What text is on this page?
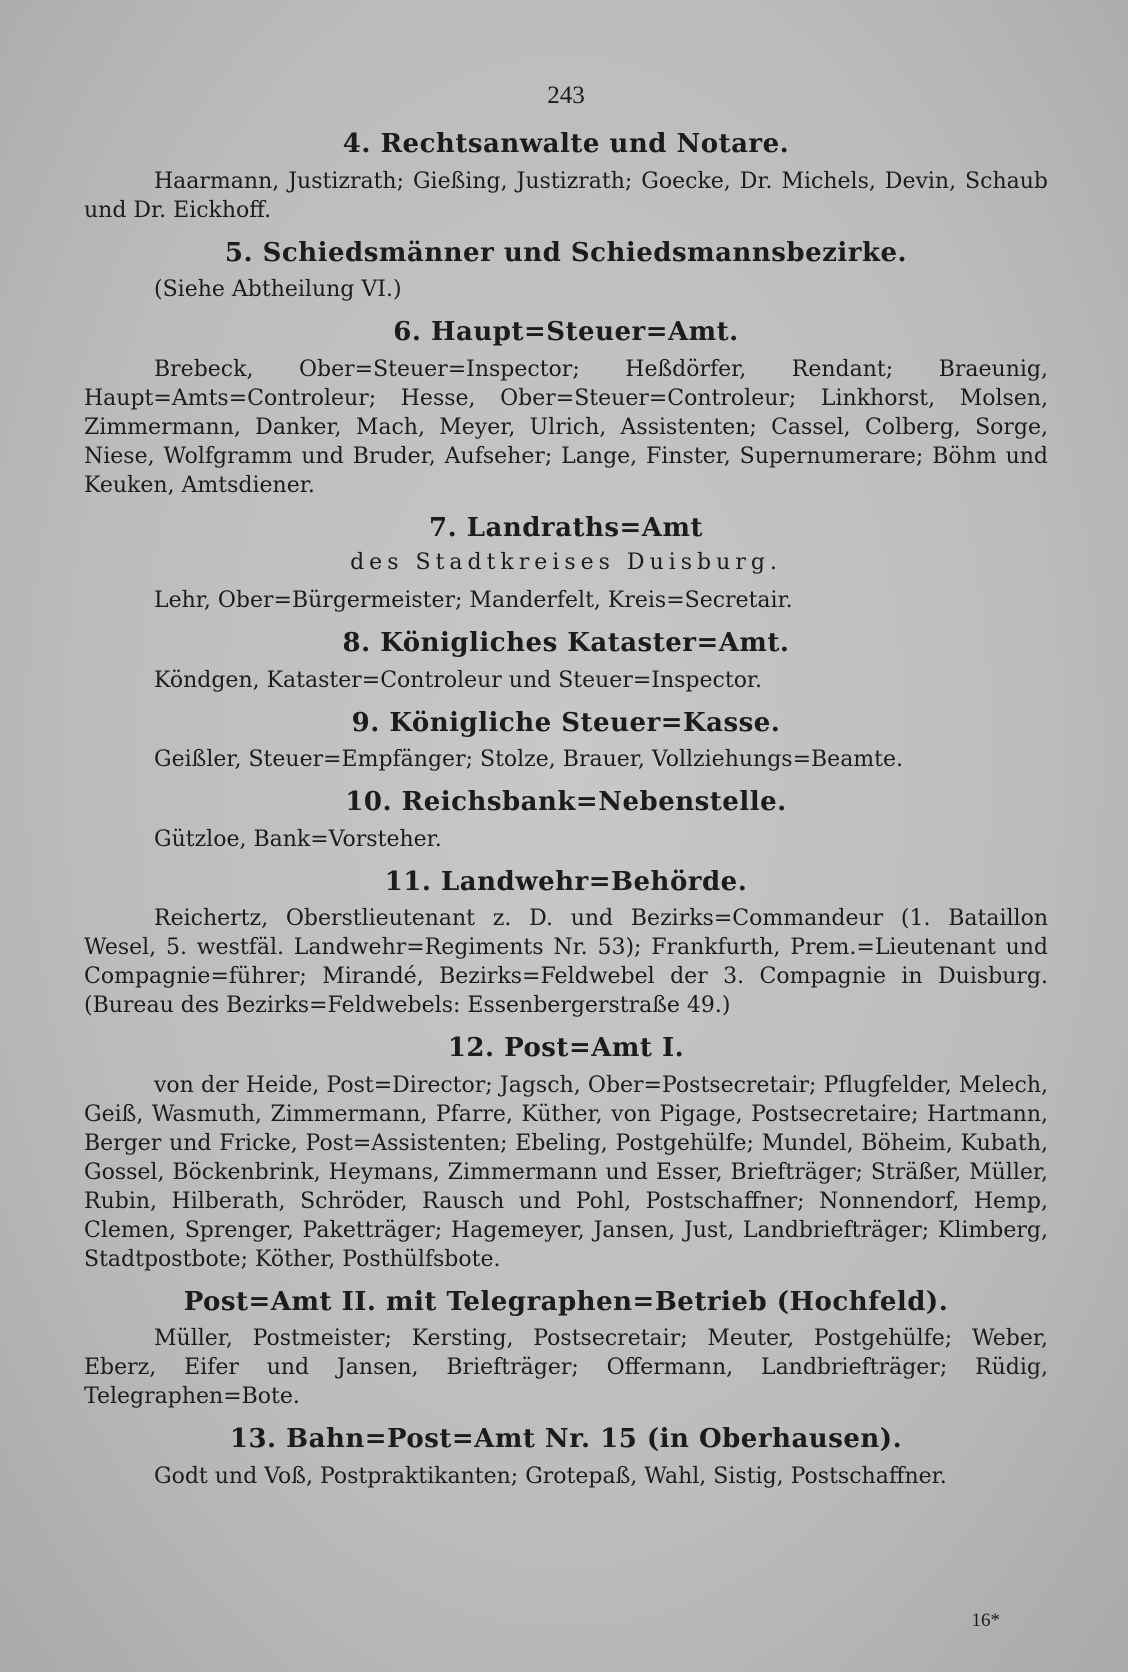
243
4. Rechtsanwalte und Notare.

Haarmann, Justizrath; Gießing, Justizrath; Goecke, Dr. Michels, Devin, Schaub und Dr. Eickhoff.

5. Schiedsmänner und Schiedsmannsbezirke.

(Siehe Abtheilung VI.)

6. Haupt=Steuer=Amt.

Brebeck, Ober=Steuer=Inspector; Heßdörfer, Rendant; Braeunig, Haupt=Amts=Controleur; Hesse, Ober=Steuer=Controleur; Linkhorst, Molsen, Zimmermann, Danker, Mach, Meyer, Ulrich, Assistenten; Cassel, Colberg, Sorge, Niese, Wolfgramm und Bruder, Aufseher; Lange, Finster, Supernumerare; Böhm und Keuken, Amtsdiener.

7. Landraths=Amt
des Stadtkreises Duisburg.

Lehr, Ober=Bürgermeister; Manderfelt, Kreis=Secretair.

8. Königliches Kataster=Amt.

Köndgen, Kataster=Controleur und Steuer=Inspector.

9. Königliche Steuer=Kasse.

Geißler, Steuer=Empfänger; Stolze, Brauer, Vollziehungs=Beamte.

10. Reichsbank=Nebenstelle.

Gützloe, Bank=Vorsteher.

11. Landwehr=Behörde.

Reichertz, Oberstlieutenant z. D. und Bezirks=Commandeur (1. Bataillon Wesel, 5. westfäl. Landwehr=Regiments Nr. 53); Frankfurth, Prem.=Lieutenant und Compagnie=führer; Mirandé, Bezirks=Feldwebel der 3. Compagnie in Duisburg. (Bureau des Bezirks=Feldwebels: Essenbergerstraße 49.)

12. Post=Amt I.

von der Heide, Post=Director; Jagsch, Ober=Postsecretair; Pflugfelder, Melech, Geiß, Wasmuth, Zimmermann, Pfarre, Küther, von Pigage, Postsecretaire; Hartmann, Berger und Fricke, Post=Assistenten; Ebeling, Postgehülfe; Mundel, Böheim, Kubath, Gossel, Böckenbrink, Heymans, Zimmermann und Esser, Briefträger; Sträßer, Müller, Rubin, Hilberath, Schröder, Rausch und Pohl, Postschaffner; Nonnendorf, Hemp, Clemen, Sprenger, Paketträger; Hagemeyer, Jansen, Just, Landbriefträger; Klimberg, Stadtpostbote; Köther, Posthülfsbote.

Post=Amt II. mit Telegraphen=Betrieb (Hochfeld).

Müller, Postmeister; Kersting, Postsecretair; Meuter, Postgehülfe; Weber, Eberz, Eifer und Jansen, Briefträger; Offermann, Landbriefträger; Rüdig, Telegraphen=Bote.

13. Bahn=Post=Amt Nr. 15 (in Oberhausen).

Godt und Voß, Postpraktikanten; Grotepaß, Wahl, Sistig, Postschaffner.

16*
